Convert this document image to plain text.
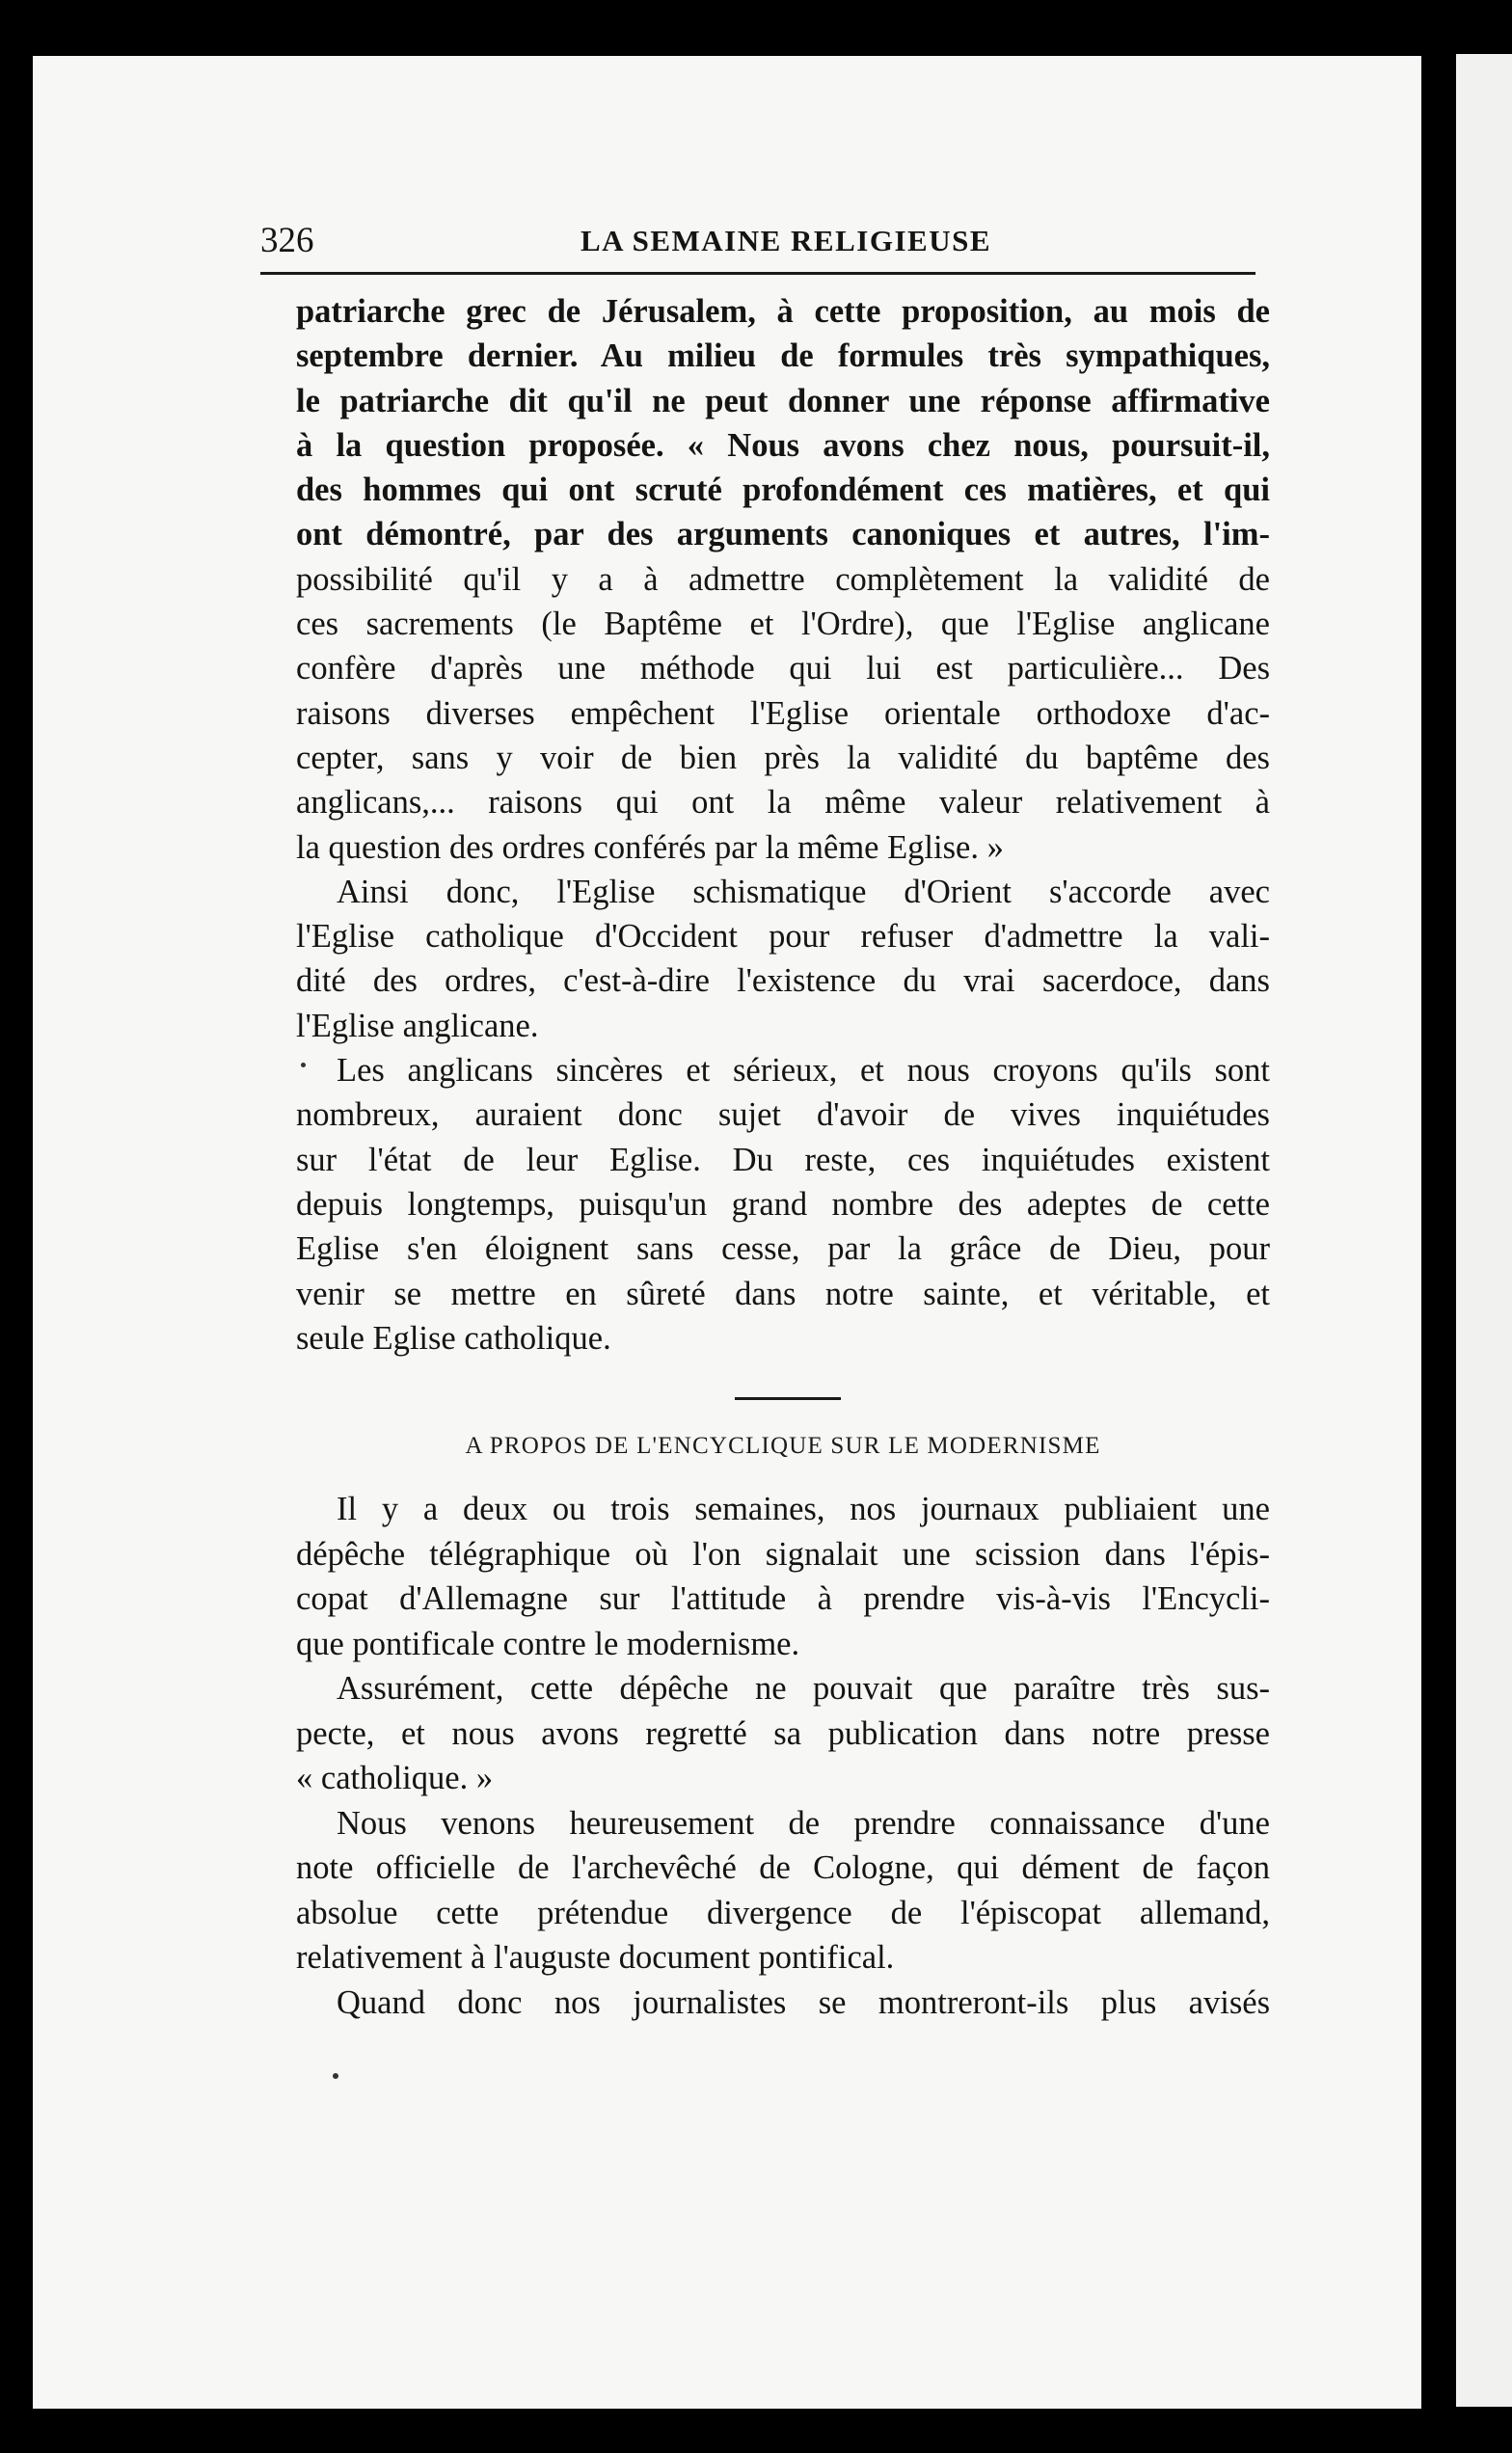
326	LA SEMAINE RELIGIEUSE
patriarche grec de Jérusalem, à cette proposition, au mois de
septembre dernier. Au milieu de formules très sympathiques,
le patriarche dit qu'il ne peut donner une réponse affirmative
à la question proposée. « Nous avons chez nous, poursuit-il,
des hommes qui ont scruté profondément ces matières, et qui
ont démontré, par des arguments canoniques et autres, l'im-
possibilité qu'il y a à admettre complètement la validité de
ces sacrements (le Baptême et l'Ordre), que l'Eglise anglicane
confère d'après une méthode qui lui est particulière... Des
raisons diverses empêchent l'Eglise orientale orthodoxe d'ac-
cepter, sans y voir de bien près la validité du baptême des
anglicans,... raisons qui ont la même valeur relativement à
la question des ordres conférés par la même Eglise. »
Ainsi donc, l'Eglise schismatique d'Orient s'accorde avec
l'Eglise catholique d'Occident pour refuser d'admettre la vali-
dité des ordres, c'est-à-dire l'existence du vrai sacerdoce, dans
l'Eglise anglicane.
Les anglicans sincères et sérieux, et nous croyons qu'ils sont
nombreux, auraient donc sujet d'avoir de vives inquiétudes
sur l'état de leur Eglise. Du reste, ces inquiétudes existent
depuis longtemps, puisqu'un grand nombre des adeptes de cette
Eglise s'en éloignent sans cesse, par la grâce de Dieu, pour
venir se mettre en sûreté dans notre sainte, et véritable, et
seule Eglise catholique.
A PROPOS DE L'ENCYCLIQUE SUR LE MODERNISME
Il y a deux ou trois semaines, nos journaux publiaient une
dépêche télégraphique où l'on signalait une scission dans l'épis-
copat d'Allemagne sur l'attitude à prendre vis-à-vis l'Encycli-
que pontificale contre le modernisme.
Assurément, cette dépêche ne pouvait que paraître très sus-
pecte, et nous avons regretté sa publication dans notre presse
« catholique. »
Nous venons heureusement de prendre connaissance d'une
note officielle de l'archevêché de Cologne, qui dément de façon
absolue cette prétendue divergence de l'épiscopat allemand,
relativement à l'auguste document pontifical.
Quand donc nos journalistes se montreront-ils plus avisés
